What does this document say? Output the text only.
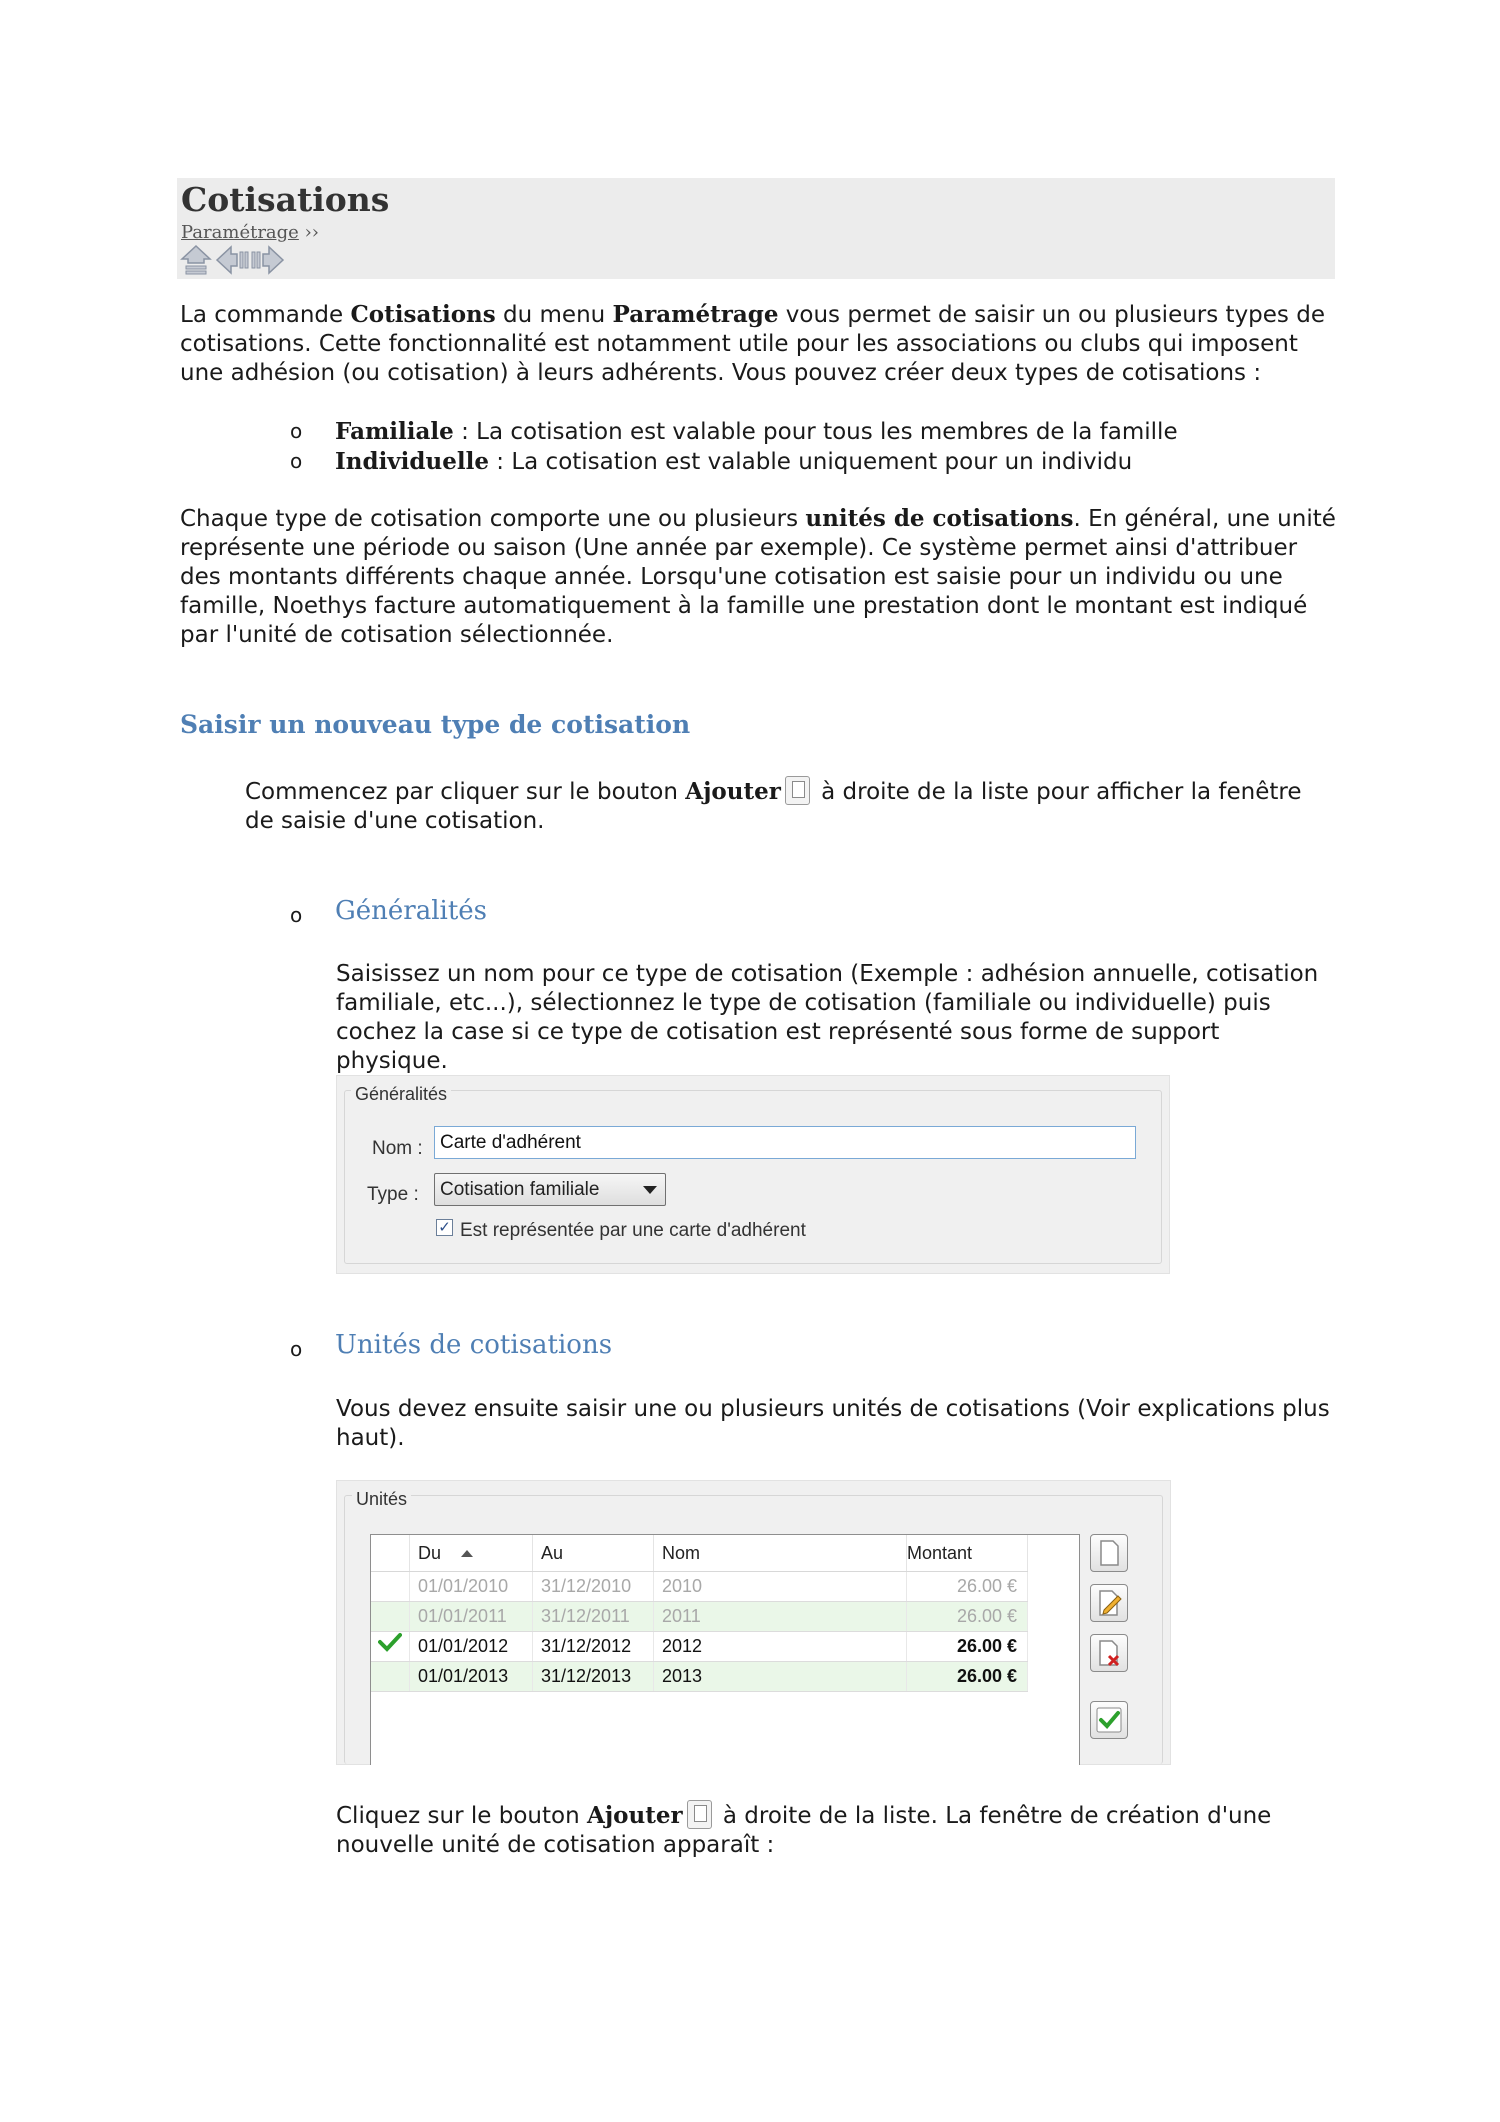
Cotisations
Paramétrage ››
La commande Cotisations du menu Paramétrage vous permet de saisir un ou plusieurs types de cotisations. Cette fonctionnalité est notamment utile pour les associations ou clubs qui imposent une adhésion (ou cotisation) à leurs adhérents. Vous pouvez créer deux types de cotisations :
o	Familiale : La cotisation est valable pour tous les membres de la famille
o	Individuelle : La cotisation est valable uniquement pour un individu
Chaque type de cotisation comporte une ou plusieurs unités de cotisations. En général, une unité représente une période ou saison (Une année par exemple). Ce système permet ainsi d'attribuer des montants différents chaque année. Lorsqu'une cotisation est saisie pour un individu ou une famille, Noethys facture automatiquement à la famille une prestation dont le montant est indiqué par l'unité de cotisation sélectionnée.
Saisir un nouveau type de cotisation
Commencez par cliquer sur le bouton Ajouter à droite de la liste pour afficher la fenêtre de saisie d'une cotisation.
o	Généralités
Saisissez un nom pour ce type de cotisation (Exemple : adhésion annuelle, cotisation familiale, etc...), sélectionnez le type de cotisation (familiale ou individuelle) puis cochez la case si ce type de cotisation est représenté sous forme de support physique.
Généralités
Nom :
Carte d'adhérent
Type :	Cotisation familiale
✓ Est représentée par une carte d'adhérent
o	Unités de cotisations
Vous devez ensuite saisir une ou plusieurs unités de cotisations (Voir explications plus haut).
Unités
	Du	Au	Nom	Montant
	01/01/2010	31/12/2010	2010	26.00 €
	01/01/2011	31/12/2011	2011	26.00 €
	01/01/2012	31/12/2012	2012	26.00 €
	01/01/2013	31/12/2013	2013	26.00 €
Cliquez sur le bouton Ajouter à droite de la liste. La fenêtre de création d'une nouvelle unité de cotisation apparaît :
